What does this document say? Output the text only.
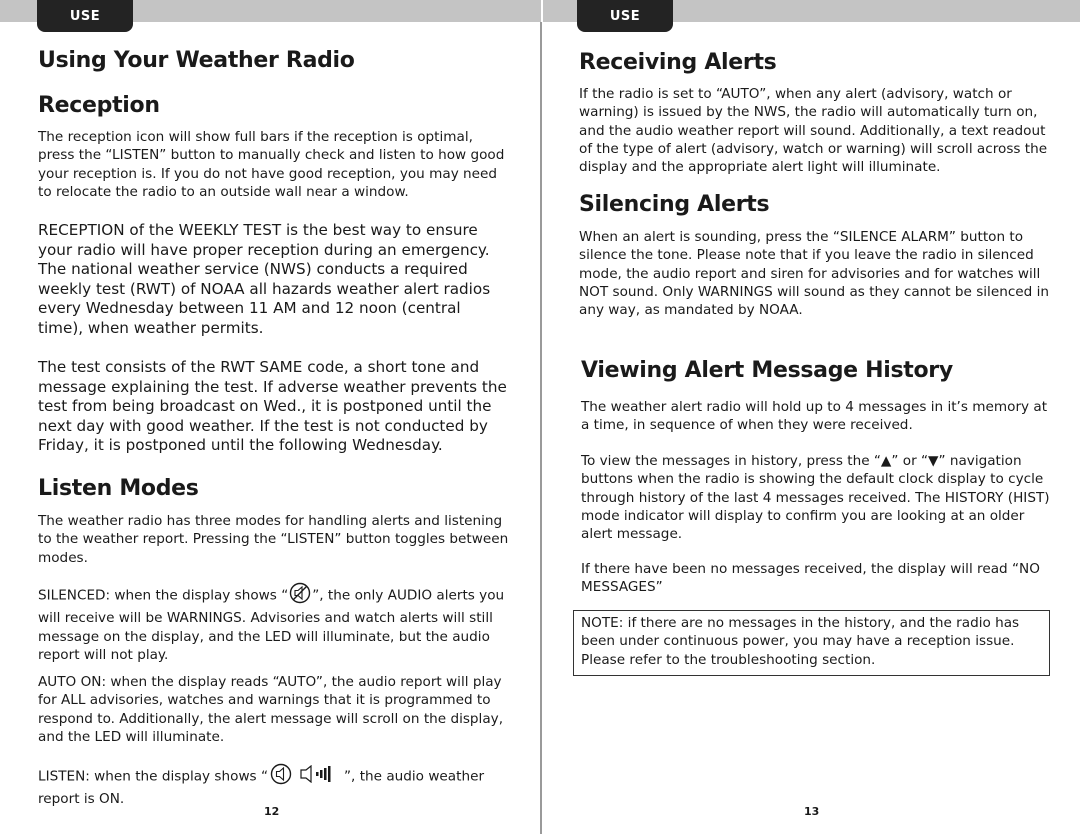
USE	USE
Using Your Weather Radio
Reception

The reception icon will show full bars if the reception is optimal, press the “LISTEN” button to manually check and listen to how good your reception is. If you do not have good reception, you may need to relocate the radio to an outside wall near a window.

RECEPTION of the WEEKLY TEST is the best way to ensure your radio will have proper reception during an emergency. The national weather service (NWS) conducts a required weekly test (RWT) of NOAA all hazards weather alert radios every Wednesday between 11 AM and 12 noon (central time), when weather permits.

The test consists of the RWT SAME code, a short tone and message explaining the test. If adverse weather prevents the test from being broadcast on Wed., it is postponed until the next day with good weather. If the test is not conducted by Friday, it is postponed until the following Wednesday.

Listen Modes

The weather radio has three modes for handling alerts and listening to the weather report. Pressing the “LISTEN” button toggles between modes.

SILENCED: when the display shows “ ”, the only AUDIO alerts you will receive will be WARNINGS. Advisories and watch alerts will still message on the display, and the LED will illuminate, but the audio report will not play.

AUTO ON: when the display reads “AUTO”, the audio report will play for ALL advisories, watches and warnings that it is programmed to respond to. Additionally, the alert message will scroll on the display, and the LED will illuminate.

LISTEN: when the display shows “	”, the audio weather report is ON.

12
Receiving Alerts

If the radio is set to “AUTO”, when any alert (advisory, watch or warning) is issued by the NWS, the radio will automatically turn on, and the audio weather report will sound. Additionally, a text readout of the type of alert (advisory, watch or warning) will scroll across the display and the appropriate alert light will illuminate.

Silencing Alerts

When an alert is sounding, press the “SILENCE ALARM” button to silence the tone. Please note that if you leave the radio in silenced mode, the audio report and siren for advisories and for watches will NOT sound. Only WARNINGS will sound as they cannot be silenced in any way, as mandated by NOAA.

Viewing Alert Message History

The weather alert radio will hold up to 4 messages in it’s memory at a time, in sequence of when they were received.

To view the messages in history, press the “▲” or “▼” navigation buttons when the radio is showing the default clock display to cycle through history of the last 4 messages received. The HISTORY (HIST) mode indicator will display to confirm you are looking at an older alert message.

If there have been no messages received, the display will read “NO MESSAGES”

NOTE: if there are no messages in the history, and the radio has been under continuous power, you may have a reception issue. Please refer to the troubleshooting section.

13
